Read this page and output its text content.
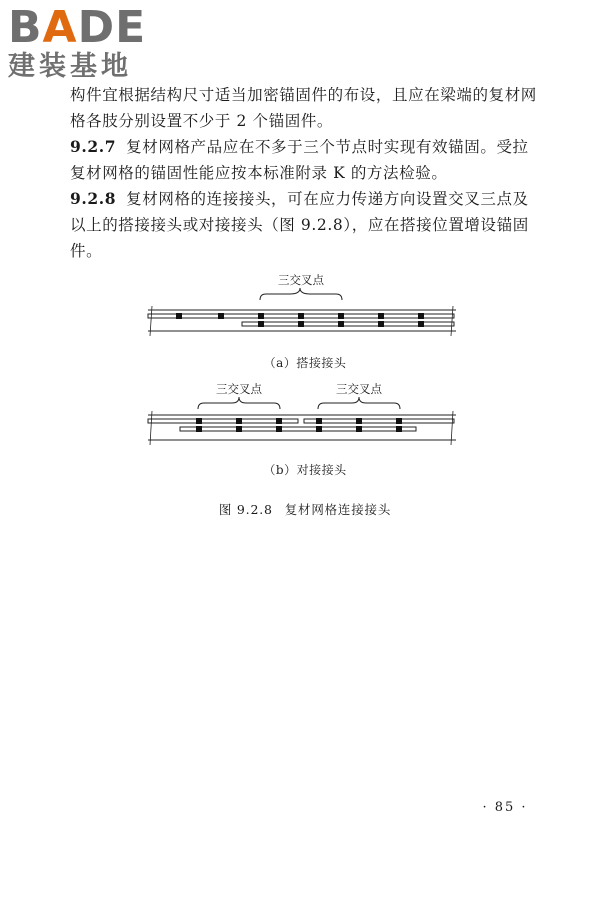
BADE
建装基地

构件宜根据结构尺寸适当加密锚固件的布设，且应在梁端的复材网格各肢分别设置不少于 2 个锚固件。

9.2.7 复材网格产品应在不多于三个节点时实现有效锚固。受拉复材网格的锚固性能应按本标准附录 K 的方法检验。

9.2.8 复材网格的连接接头，可在应力传递方向设置交叉三点及以上的搭接接头或对接接头（图 9.2.8），应在搭接位置增设锚固件。

三交叉点
（a）搭接接头
三交叉点	三交叉点
（b）对接接头
图 9.2.8 复材网格连接接头
· 85 ·
